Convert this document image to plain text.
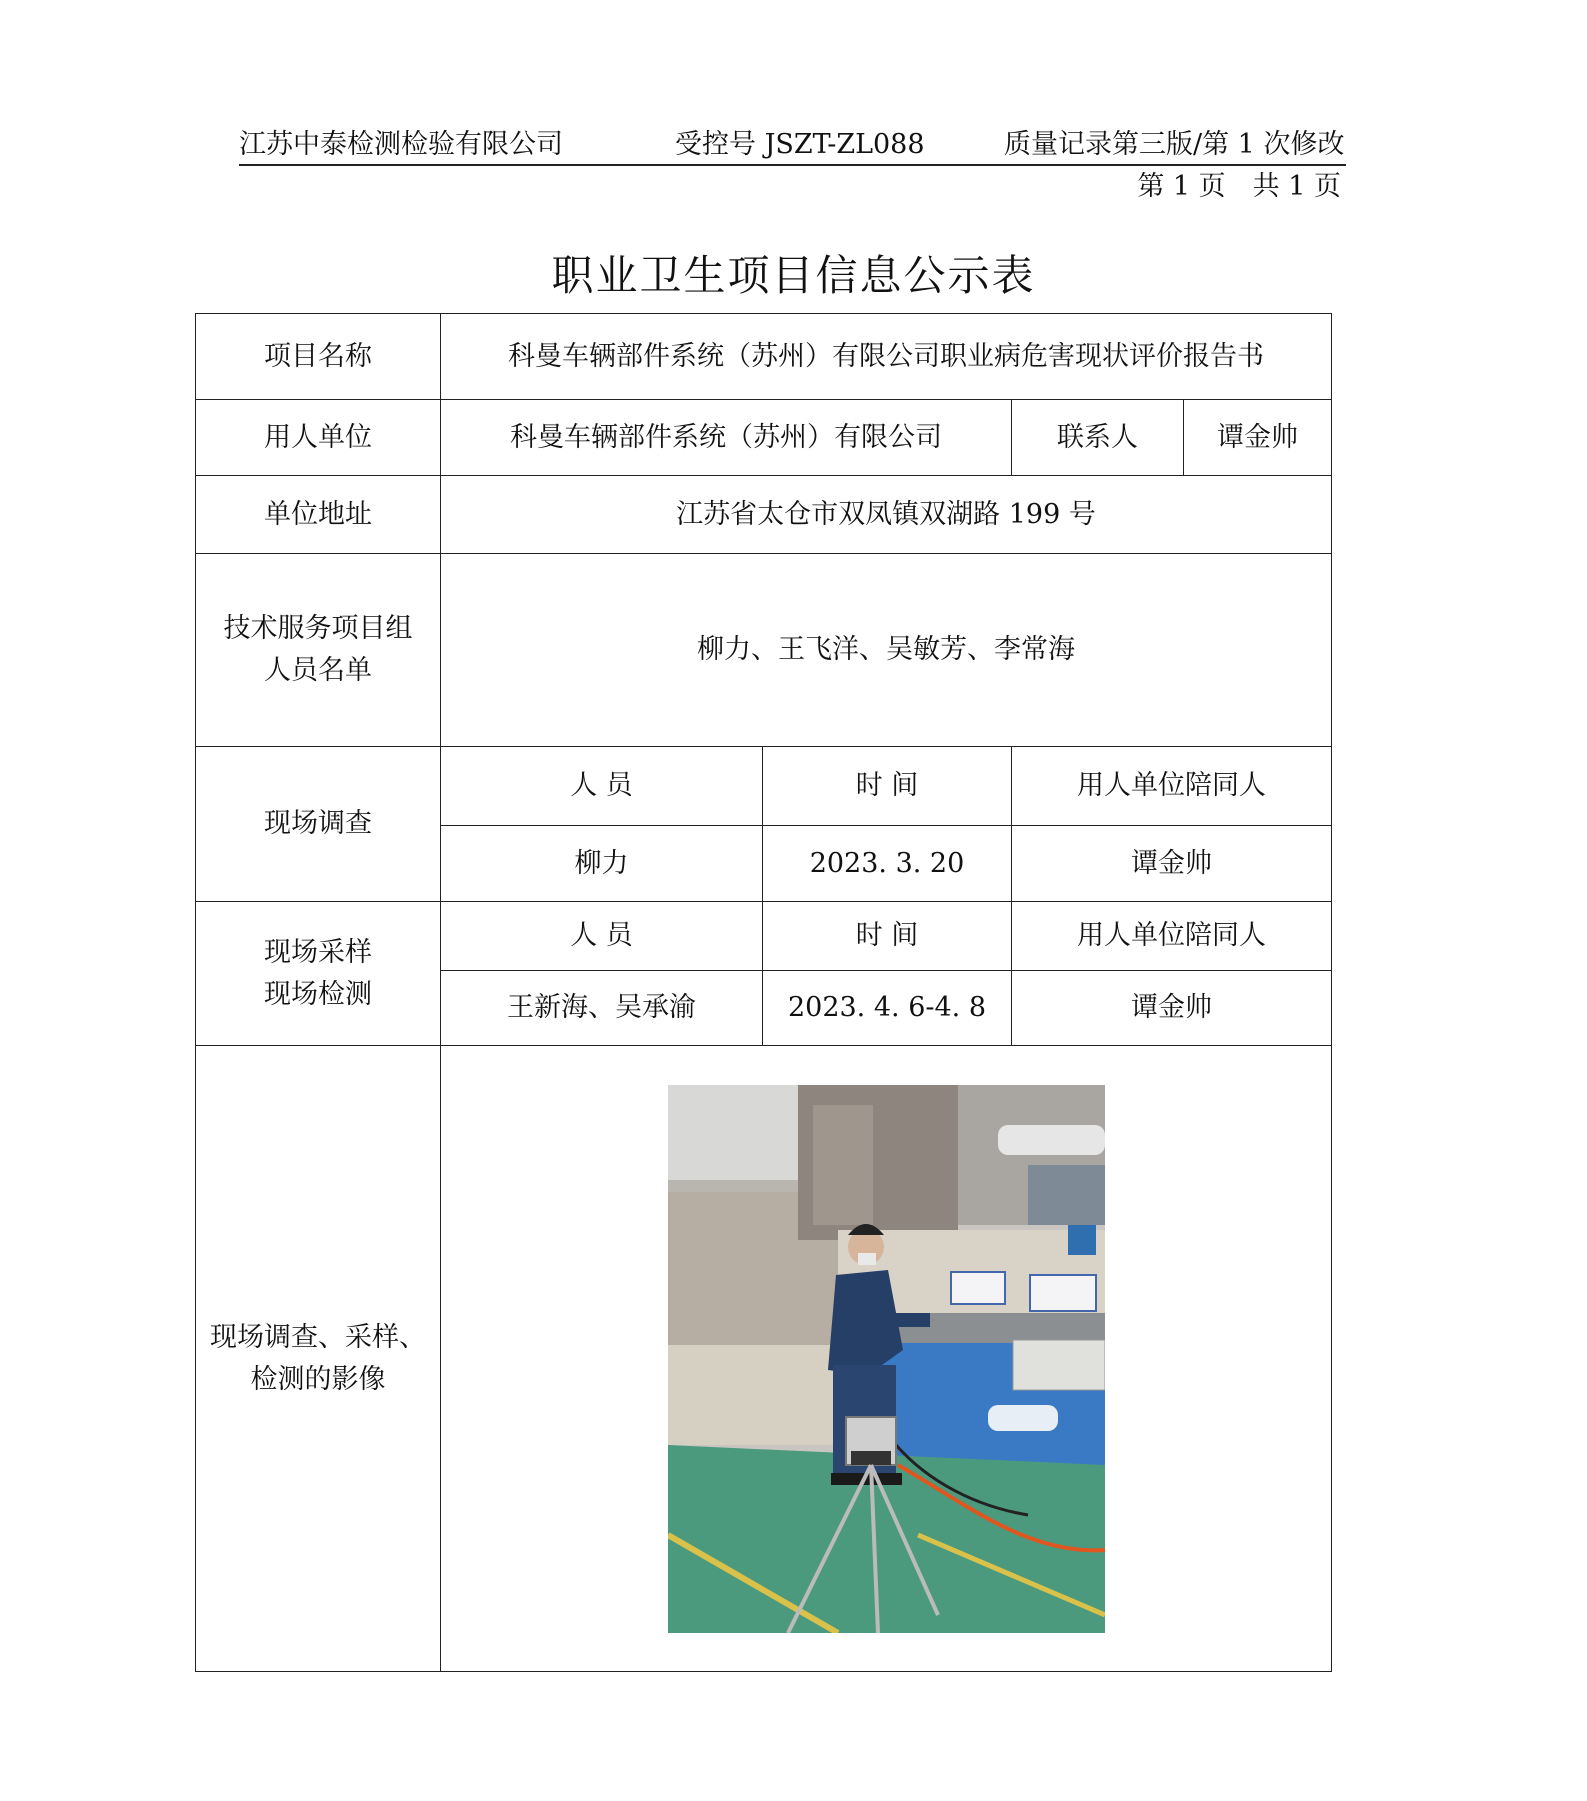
江苏中泰检测检验有限公司	受控号 JSZT-ZL088	质量记录第三版/第 1 次修改
第 1 页　共 1 页
职业卫生项目信息公示表
项目名称	科曼车辆部件系统（苏州）有限公司职业病危害现状评价报告书			
用人单位	科曼车辆部件系统（苏州）有限公司		联系人	谭金帅
单位地址	江苏省太仓市双凤镇双湖路 199 号			

技术服务项目组
人员名单	柳力、王飞洋、吴敏芳、李常海			
现场调查	人 员	时 间	用人单位陪同人	
	柳力	2023. 3. 20	谭金帅	

现场采样
现场检测	人 员	时 间	用人单位陪同人	
	王新海、吴承渝	2023. 4. 6-4. 8	谭金帅	

现场调查、采样、
检测的影像
